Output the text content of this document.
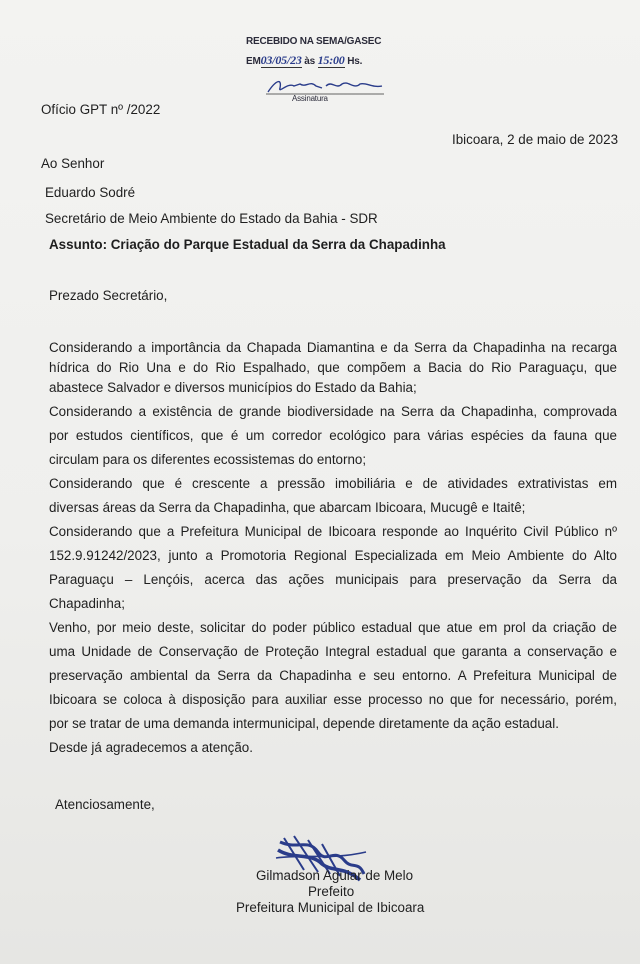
RECEBIDO NA SEMA/GASEC
EM03/05/23 às 15:00 Hs.
Assinatura
Ofício GPT nº /2022
Ibicoara, 2 de maio de 2023
Ao Senhor
Eduardo Sodré
Secretário de Meio Ambiente do Estado da Bahia - SDR
Assunto: Criação do Parque Estadual da Serra da Chapadinha
Prezado Secretário,
Considerando a importância da Chapada Diamantina e da Serra da Chapadinha na recarga
hídrica do Rio Una e do Rio Espalhado, que compõem a Bacia do Rio Paraguaçu, que
abastece Salvador e diversos municípios do Estado da Bahia;
Considerando a existência de grande biodiversidade na Serra da Chapadinha, comprovada
por estudos científicos, que é um corredor ecológico para várias espécies da fauna que
circulam para os diferentes ecossistemas do entorno;
Considerando que é crescente a pressão imobiliária e de atividades extrativistas em
diversas áreas da Serra da Chapadinha, que abarcam Ibicoara, Mucugê e Itaitê;
Considerando que a Prefeitura Municipal de Ibicoara responde ao Inquérito Civil Público nº
152.9.91242/2023, junto a Promotoria Regional Especializada em Meio Ambiente do Alto
Paraguaçu – Lençóis, acerca das ações municipais para preservação da Serra da
Chapadinha;
Venho, por meio deste, solicitar do poder público estadual que atue em prol da criação de
uma Unidade de Conservação de Proteção Integral estadual que garanta a conservação e
preservação ambiental da Serra da Chapadinha e seu entorno. A Prefeitura Municipal de
Ibicoara se coloca à disposição para auxiliar esse processo no que for necessário, porém,
por se tratar de uma demanda intermunicipal, depende diretamente da ação estadual.
Desde já agradecemos a atenção.
Atenciosamente,
Gilmadson Aguiar de Melo
Prefeito
Prefeitura Municipal de Ibicoara
